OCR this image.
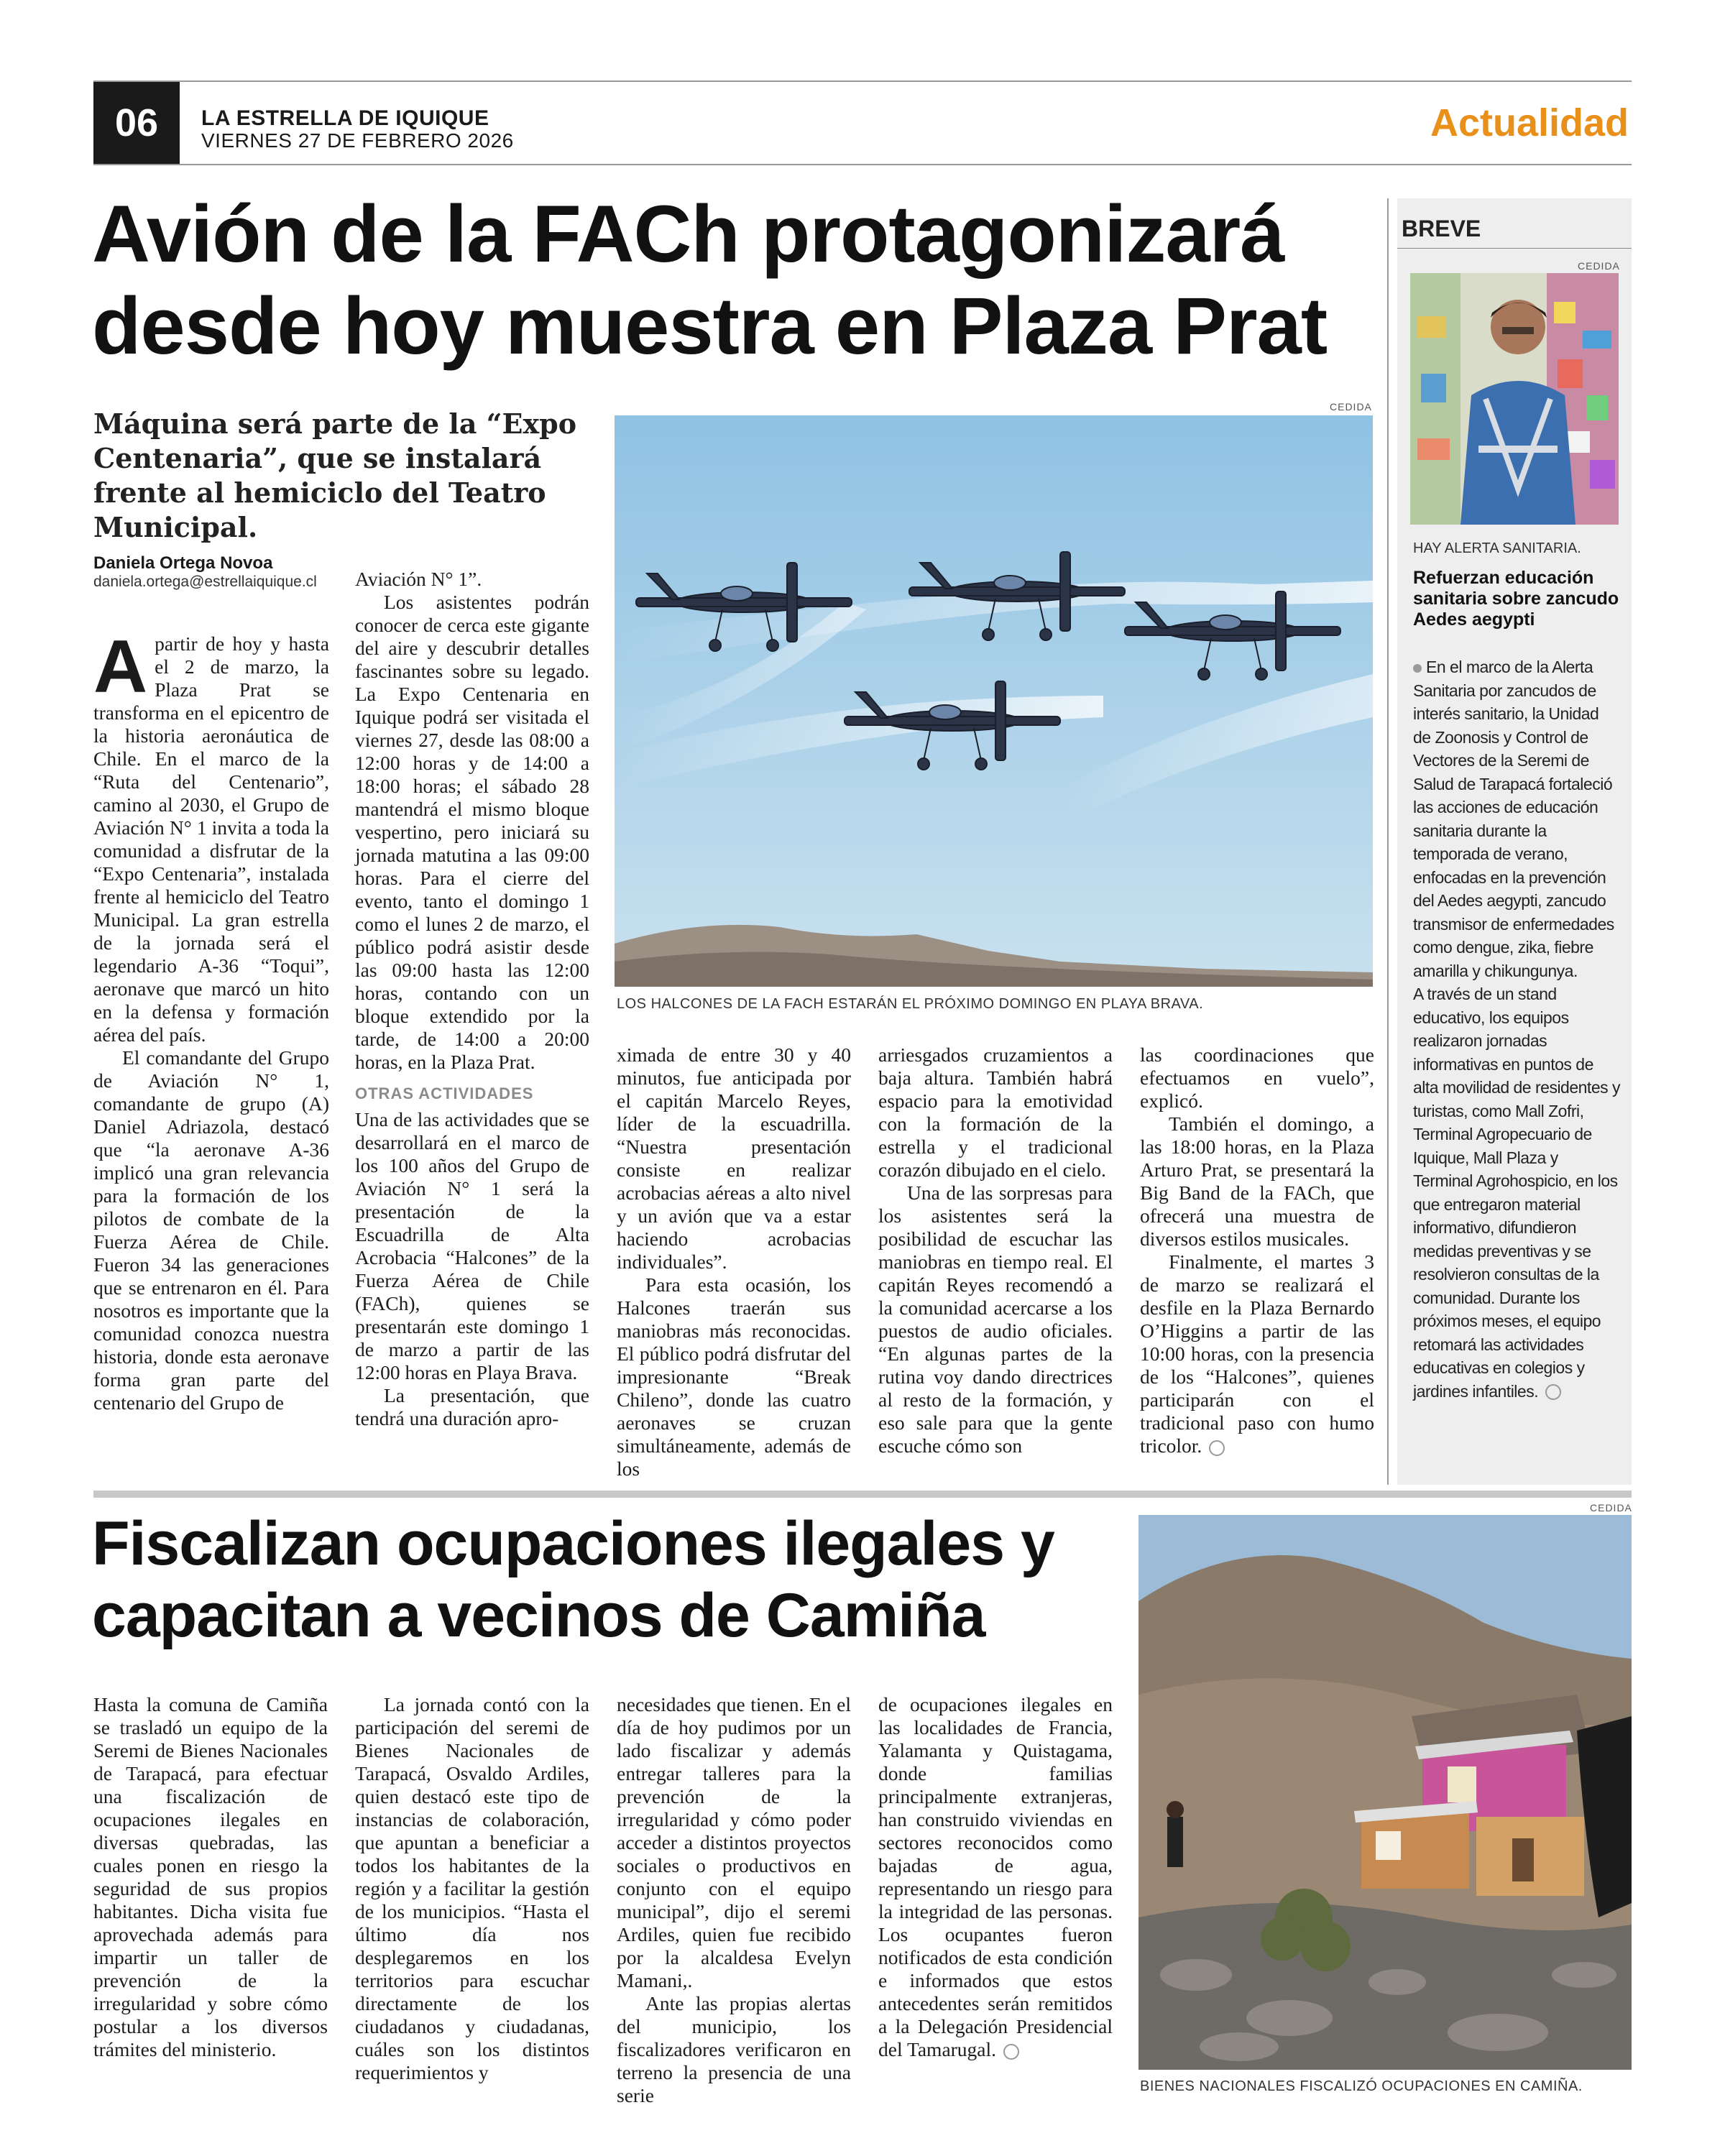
06 LA ESTRELLA DE IQUIQUE
VIERNES 27 DE FEBRERO 2026	Actualidad
Avión de la FACh protagonizará
desde hoy muestra en Plaza Prat
Máquina será parte de la “Expo Centenaria”, que se instalará frente al hemiciclo del Teatro Municipal.
Daniela Ortega Novoa
daniela.ortega@estrellaiquique.cl
CEDIDA
LOS HALCONES DE LA FACH ESTARÁN EL PRÓXIMO DOMINGO EN PLAYA BRAVA.

Apartir de hoy y hasta el 2 de marzo, la Plaza Prat se transforma en el epicentro de la historia aeronáutica de Chile. En el marco de la “Ruta del Centenario”, camino al 2030, el Grupo de Aviación N° 1 invita a toda la comunidad a disfrutar de la “Expo Centenaria”, instalada frente al hemiciclo del Teatro Municipal. La gran estrella de la jornada será el legendario A-36 “Toqui”, aeronave que marcó un hito en la defensa y formación aérea del país.

El comandante del Grupo de Aviación N° 1, comandante de grupo (A) Daniel Adriazola, destacó que “la aeronave A-36 implicó una gran relevancia para la formación de los pilotos de combate de la Fuerza Aérea de Chile. Fueron 34 las generaciones que se entrenaron en él. Para nosotros es importante que la comunidad conozca nuestra historia, donde esta aeronave forma gran parte del centenario del Grupo de

Aviación N° 1”.

Los asistentes podrán conocer de cerca este gigante del aire y descubrir detalles fascinantes sobre su legado. La Expo Centenaria en Iquique podrá ser visitada el viernes 27, desde las 08:00 a 12:00 horas y de 14:00 a 18:00 horas; el sábado 28 mantendrá el mismo bloque vespertino, pero iniciará su jornada matutina a las 09:00 horas. Para el cierre del evento, tanto el domingo 1 como el lunes 2 de marzo, el público podrá asistir desde las 09:00 hasta las 12:00 horas, contando con un bloque extendido por la tarde, de 14:00 a 20:00 horas, en la Plaza Prat.

OTRAS ACTIVIDADES

Una de las actividades que se desarrollará en el marco de los 100 años del Grupo de Aviación N° 1 será la presentación de la Escuadrilla de Alta Acrobacia “Halcones” de la Fuerza Aérea de Chile (FACh), quienes se presentarán este domingo 1 de marzo a partir de las 12:00 horas en Playa Brava.

La presentación, que tendrá una duración apro-

ximada de entre 30 y 40 minutos, fue anticipada por el capitán Marcelo Reyes, líder de la escuadrilla. “Nuestra presentación consiste en realizar acrobacias aéreas a alto nivel y un avión que va a estar haciendo acrobacias individuales”.

Para esta ocasión, los Halcones traerán sus maniobras más reconocidas. El público podrá disfrutar del impresionante “Break Chileno”, donde las cuatro aeronaves se cruzan simultáneamente, además de los

arriesgados cruzamientos a baja altura. También habrá espacio para la emotividad con la formación de la estrella y el tradicional corazón dibujado en el cielo.

Una de las sorpresas para los asistentes será la posibilidad de escuchar las maniobras en tiempo real. El capitán Reyes recomendó a la comunidad acercarse a los puestos de audio oficiales. “En algunas partes de la rutina voy dando directrices al resto de la formación, y eso sale para que la gente escuche cómo son

las coordinaciones que efectuamos en vuelo”, explicó.

También el domingo, a las 18:00 horas, en la Plaza Arturo Prat, se presentará la Big Band de la FACh, que ofrecerá una muestra de diversos estilos musicales.

Finalmente, el martes 3 de marzo se realizará el desfile en la Plaza Bernardo O’Higgins a partir de las 10:00 horas, con la presencia de los “Halcones”, quienes participarán con el tradicional paso con humo tricolor.

BREVE
CEDIDA
HAY ALERTA SANITARIA.
Refuerzan educación sanitaria sobre zancudo Aedes aegypti

En el marco de la Alerta Sanitaria por zancudos de interés sanitario, la Unidad de Zoonosis y Control de Vectores de la Seremi de Salud de Tarapacá fortaleció las acciones de educación sanitaria durante la temporada de verano, enfocadas en la prevención del Aedes aegypti, zancudo transmisor de enfermedades como dengue, zika, fiebre amarilla y chikungunya.

A través de un stand educativo, los equipos realizaron jornadas informativas en puntos de alta movilidad de residentes y turistas, como Mall Zofri, Terminal Agropecuario de Iquique, Mall Plaza y Terminal Agrohospicio, en los que entregaron material informativo, difundieron medidas preventivas y se resolvieron consultas de la comunidad. Durante los próximos meses, el equipo retomará las actividades educativas en colegios y jardines infantiles.

Fiscalizan ocupaciones ilegales y
capacitan a vecinos de Camiña
CEDIDA
BIENES NACIONALES FISCALIZÓ OCUPACIONES EN CAMIÑA.

Hasta la comuna de Camiña se trasladó un equipo de la Seremi de Bienes Nacionales de Tarapacá, para efectuar una fiscalización de ocupaciones ilegales en diversas quebradas, las cuales ponen en riesgo la seguridad de sus propios habitantes. Dicha visita fue aprovechada además para impartir un taller de prevención de la irregularidad y sobre cómo postular a los diversos trámites del ministerio.

La jornada contó con la participación del seremi de Bienes Nacionales de Tarapacá, Osvaldo Ardiles, quien destacó este tipo de instancias de colaboración, que apuntan a beneficiar a todos los habitantes de la región y a facilitar la gestión de los municipios. “Hasta el último día nos desplegaremos en los territorios para escuchar directamente de los ciudadanos y ciudadanas, cuáles son los distintos requerimientos y

necesidades que tienen. En el día de hoy pudimos por un lado fiscalizar y además entregar talleres para la prevención de la irregularidad y cómo poder acceder a distintos proyectos sociales o productivos en conjunto con el equipo municipal”, dijo el seremi Ardiles, quien fue recibido por la alcaldesa Evelyn Mamani,.

Ante las propias alertas del municipio, los fiscalizadores verificaron en terreno la presencia de una serie

de ocupaciones ilegales en las localidades de Francia, Yalamanta y Quistagama, donde familias principalmente extranjeras, han construido viviendas en sectores reconocidos como bajadas de agua, representando un riesgo para la integridad de las personas. Los ocupantes fueron notificados de esta condición e informados que estos antecedentes serán remitidos a la Delegación Presidencial del Tamarugal.
